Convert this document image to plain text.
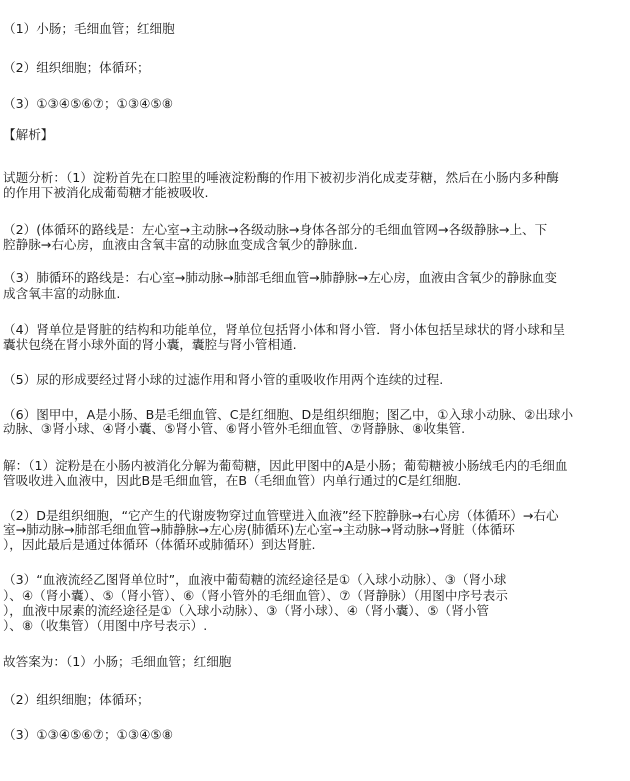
（1）小肠；毛细血管；红细胞
（2）组织细胞；体循环；
（3）①③④⑤⑥⑦；①③④⑤⑧
【解析】
试题分析：（1）淀粉首先在口腔里的唾液淀粉酶的作用下被初步消化成麦芽糖，然后在小肠内多种酶
的作用下被消化成葡萄糖才能被吸收.
（2）(体循环的路线是：左心室→主动脉→各级动脉→身体各部分的毛细血管网→各级静脉→上、下
腔静脉→右心房，血液由含氧丰富的动脉血变成含氧少的静脉血.
（3）肺循环的路线是：右心室→肺动脉→肺部毛细血管→肺静脉→左心房，血液由含氧少的静脉血变
成含氧丰富的动脉血.
（4）肾单位是肾脏的结构和功能单位，肾单位包括肾小体和肾小管．肾小体包括呈球状的肾小球和呈
囊状包绕在肾小球外面的肾小囊，囊腔与肾小管相通.
（5）尿的形成要经过肾小球的过滤作用和肾小管的重吸收作用两个连续的过程.
（6）图甲中，A是小肠、B是毛细血管、C是红细胞、D是组织细胞；图乙中，①入球小动脉、②出球小
动脉、③肾小球、④肾小囊、⑤肾小管、⑥肾小管外毛细血管、⑦肾静脉、⑧收集管.
解：（1）淀粉是在小肠内被消化分解为葡萄糖，因此甲图中的A是小肠；葡萄糖被小肠绒毛内的毛细血
管吸收进入血液中，因此B是毛细血管，在B（毛细血管）内单行通过的C是红细胞.
（2）D是组织细胞，“它产生的代谢废物穿过血管壁进入血液”经下腔静脉→右心房（体循环）→右心
室→肺动脉→肺部毛细血管→肺静脉→左心房(肺循环)左心室→主动脉→肾动脉→肾脏（体循环
），因此最后是通过体循环（体循环或肺循环）到达肾脏.
（3）“血液流经乙图肾单位时”，血液中葡萄糖的流经途径是①（入球小动脉）、③（肾小球
）、④（肾小囊）、⑤（肾小管）、⑥（肾小管外的毛细血管）、⑦（肾静脉）（用图中序号表示
），血液中尿素的流经途径是①（入球小动脉）、③（肾小球）、④（肾小囊）、⑤（肾小管
）、⑧（收集管）（用图中序号表示）.
故答案为：（1）小肠；毛细血管；红细胞
（2）组织细胞；体循环；
（3）①③④⑤⑥⑦；①③④⑤⑧
